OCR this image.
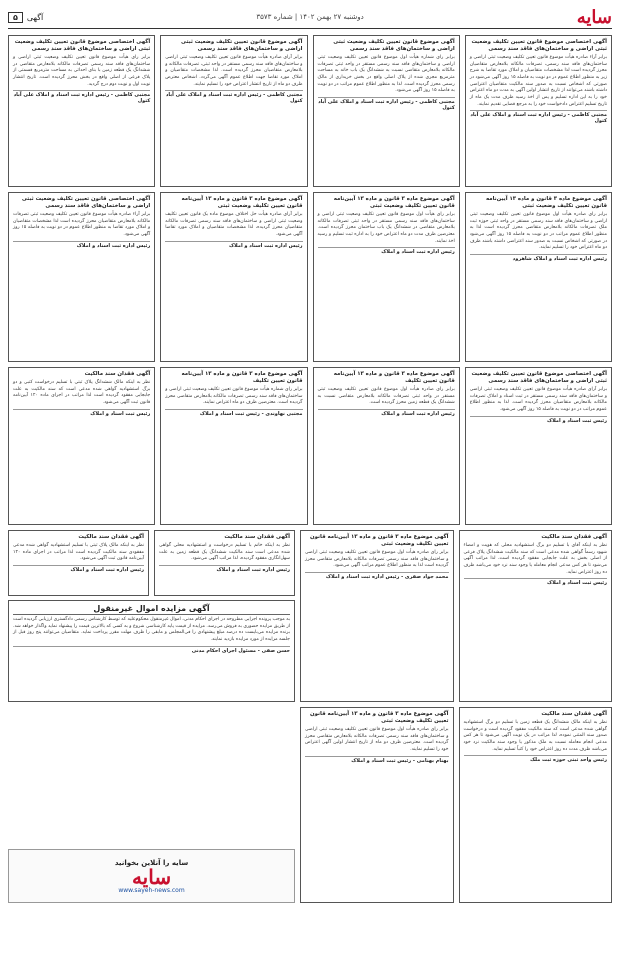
سایه
دوشنبه ۲۷ بهمن ۱۴۰۲ | شماره ۳۵۷۳
آگهی
۵
آگهی اختصاصی موضوع قانون تعیین تکلیف وضعیت ثبتی اراضی و ساختمان‌های فاقد سند رسمی
برابر آراء صادره هیأت موضوع قانون تعیین تکلیف وضعیت ثبتی اراضی و ساختمان‌های فاقد سند رسمی، تصرفات مالکانه بلامعارض متقاضیان محرز گردیده است لذا مشخصات متقاضیان و املاک مورد تقاضا به شرح زیر به منظور اطلاع عموم در دو نوبت به فاصله ۱۵ روز آگهی می‌شود در صورتی که اشخاص نسبت به صدور سند مالکیت متقاضیان اعتراضی داشته باشند می‌توانند از تاریخ انتشار اولین آگهی به مدت دو ماه اعتراض خود را به این اداره تسلیم و پس از اخذ رسید ظرف مدت یک ماه از تاریخ تسلیم اعتراض دادخواست خود را به مرجع قضایی تقدیم نمایند.
مجتبی کاظمی - رئیس اداره ثبت اسناد و املاک علی آباد کتول
آگهی موضوع قانون تعیین تکلیف وضعیت ثبتی اراضی و ساختمان‌های فاقد سند رسمی
برابر رای شماره هیأت اول موضوع قانون تعیین تکلیف وضعیت ثبتی اراضی و ساختمان‌های فاقد سند رسمی مستقر در واحد ثبتی تصرفات مالکانه بلامعارض متقاضی نسبت به ششدانگ یک باب خانه به مساحت مترمربع مجزی شده از پلاک اصلی واقع در بخش خریداری از مالک رسمی محرز گردیده است. لذا به منظور اطلاع عموم مراتب در دو نوبت به فاصله ۱۵ روز آگهی می‌شود.
مجتبی کاظمی - رئیس اداره ثبت اسناد و املاک علی آباد کتول
آگهی موضوع قانون تعیین تکلیف وضعیت ثبتی اراضی و ساختمان‌های فاقد سند رسمی
برابر آرای صادره هیأت موضوع قانون تعیین تکلیف وضعیت ثبتی اراضی و ساختمان‌های فاقد سند رسمی مستقر در واحد ثبتی، تصرفات مالکانه و بلامعارض متقاضیان محرز گردیده است. لذا مشخصات متقاضیان و املاک مورد تقاضا جهت اطلاع عموم آگهی می‌گردد. اشخاص معترض ظرف دو ماه از تاریخ انتشار اعتراض خود را تسلیم نمایند.
مجتبی کاظمی - رئیس اداره ثبت اسناد و املاک علی آباد کتول
آگهی اختصاصی موضوع قانون تعیین تکلیف وضعیت ثبتی اراضی و ساختمان‌های فاقد سند رسمی
برابر رای هیأت موضوع قانون تعیین تکلیف وضعیت ثبتی اراضی و ساختمان‌های فاقد سند رسمی تصرفات مالکانه بلامعارض متقاضی در ششدانگ یک قطعه زمین با بنای احداثی به مساحت مترمربع قسمتی از پلاک فرعی از اصلی واقع در بخش محرز گردیده است. تاریخ انتشار نوبت اول و نوبت دوم درج گردید.
مجتبی کاظمی - رئیس اداره ثبت اسناد و املاک علی آباد کتول
آگهی موضوع ماده ۳ قانون و ماده ۱۳ آیین‌نامه قانون تعیین تکلیف وضعیت ثبتی
برابر رای صادره هیأت اول موضوع قانون تعیین تکلیف وضعیت ثبتی اراضی و ساختمان‌های فاقد سند رسمی مستقر در واحد ثبتی حوزه ثبت ملک تصرفات مالکانه بلامعارض متقاضی محرز گردیده است لذا به منظور اطلاع عموم مراتب در دو نوبت به فاصله ۱۵ روز آگهی می‌شود در صورتی که اشخاص نسبت به صدور سند اعتراضی داشته باشند ظرف دو ماه اعتراض خود را تسلیم نمایند.
رئیس اداره ثبت اسناد و املاک شاهرود
آگهی موضوع ماده ۳ قانون و ماده ۱۳ آیین‌نامه قانون تعیین تکلیف وضعیت ثبتی
برابر رای هیأت اول موضوع قانون تعیین تکلیف وضعیت ثبتی اراضی و ساختمان‌های فاقد سند رسمی مستقر در واحد ثبتی تصرفات مالکانه بلامعارض متقاضی در ششدانگ یک باب ساختمان محرز گردیده است. معترضین ظرف مدت دو ماه اعتراض خود را به اداره ثبت تسلیم و رسید اخذ نمایند.
رئیس اداره ثبت اسناد و املاک
آگهی موضوع ماده ۳ قانون و ماده ۱۳ آیین‌نامه قانون تعیین تکلیف وضعیت ثبتی
برابر آرای صادره هیأت حل اختلاف موضوع ماده یک قانون تعیین تکلیف وضعیت ثبتی اراضی و ساختمان‌های فاقد سند رسمی تصرفات مالکانه متقاضیان محرز گردیده، لذا مشخصات متقاضیان و املاک مورد تقاضا آگهی می‌شود.
رئیس اداره ثبت اسناد و املاک
آگهی اختصاصی قانون تعیین تکلیف وضعیت ثبتی اراضی و ساختمان‌های فاقد سند رسمی
برابر آراء صادره هیأت موضوع قانون تعیین تکلیف وضعیت ثبتی تصرفات مالکانه بلامعارض متقاضیان محرز گردیده است لذا مشخصات متقاضیان و املاک مورد تقاضا به منظور اطلاع عموم در دو نوبت به فاصله ۱۵ روز آگهی می‌شود.
رئیس اداره ثبت اسناد و املاک
آگهی اختصاصی موضوع قانون تعیین تکلیف وضعیت ثبتی اراضی و ساختمان‌های فاقد سند رسمی
برابر آرای صادره هیأت موضوع قانون تعیین تکلیف وضعیت ثبتی اراضی و ساختمان‌های فاقد سند رسمی مستقر در ثبت اسناد و املاک تصرفات مالکانه بلامعارض متقاضیان محرز گردیده است. لذا به منظور اطلاع عموم مراتب در دو نوبت به فاصله ۱۵ روز آگهی می‌شود.
رئیس ثبت اسناد و املاک
آگهی موضوع ماده ۳ قانون و ماده ۱۳ آیین‌نامه قانون تعیین تکلیف
برابر رای صادره هیأت اول موضوع قانون تعیین تکلیف وضعیت ثبتی مستقر در واحد ثبتی تصرفات مالکانه بلامعارض متقاضی نسبت به ششدانگ یک قطعه زمین محرز گردیده است.
رئیس اداره ثبت اسناد و املاک
آگهی موضوع ماده ۳ قانون و ماده ۱۳ آیین‌نامه قانون تعیین تکلیف
برابر رای شماره هیأت موضوع قانون تعیین تکلیف وضعیت ثبتی اراضی و ساختمان‌های فاقد سند رسمی تصرفات مالکانه بلامعارض متقاضی محرز گردیده است. معترضین ظرف دو ماه اعتراض نمایند.
مجتبی نهاوندی - رئیس ثبت اسناد و املاک
آگهی فقدان سند مالکیت
نظر به اینکه مالک ششدانگ پلاک ثبتی با تسلیم درخواست کتبی و دو برگ استشهادیه گواهی شده مدعی است که سند مالکیت به علت جابجایی مفقود گردیده است لذا مراتب در اجرای ماده ۱۲۰ آیین‌نامه قانون ثبت آگهی می‌شود.
رئیس ثبت اسناد و املاک
آگهی فقدان سند مالکیت
نظر به اینکه آقای با تسلیم دو برگ استشهادیه محلی که هویت و امضاء شهود رسماً گواهی شده مدعی است که سند مالکیت ششدانگ پلاک فرعی از اصلی بخش به علت جابجایی مفقود گردیده است، لذا مراتب آگهی می‌شود تا هر کس مدعی انجام معامله یا وجود سند نزد خود می‌باشد ظرف ده روز اعتراض نماید.
رئیس ثبت اسناد و املاک
آگهی موضوع ماده ۳ قانون و ماده ۱۳ آیین‌نامه قانون تعیین تکلیف وضعیت ثبتی
برابر رای صادره هیأت اول موضوع قانون تعیین تکلیف وضعیت ثبتی اراضی و ساختمان‌های فاقد سند رسمی تصرفات مالکانه بلامعارض متقاضی محرز گردیده است لذا به منظور اطلاع عموم مراتب آگهی می‌شود.
محمد جواد صفری - رئیس اداره ثبت اسناد و املاک
آگهی فقدان سند مالکیت
نظر به اینکه خانم با تسلیم درخواست و استشهادیه محلی گواهی شده مدعی است سند مالکیت ششدانگ یک قطعه زمین به علت سهل‌انگاری مفقود گردیده، لذا مراتب آگهی می‌شود.
رئیس اداره ثبت اسناد و املاک
آگهی فقدان سند مالکیت
نظر به اینکه مالک پلاک ثبتی با تسلیم استشهادیه گواهی شده مدعی مفقودی سند مالکیت گردیده است لذا مراتب در اجرای ماده ۱۲۰ آیین‌نامه قانون ثبت آگهی می‌شود.
رئیس اداره ثبت اسناد و املاک
آگهی مزایده اموال غیرمنقول
به موجب پرونده اجرایی مطروحه در اجرای احکام مدنی، اموال غیرمنقول محکوم‌علیه که توسط کارشناس رسمی دادگستری ارزیابی گردیده است از طریق مزایده حضوری به فروش می‌رسد. مزایده از قیمت پایه کارشناسی شروع و به کسی که بالاترین قیمت را پیشنهاد نماید واگذار خواهد شد. برنده مزایده می‌بایست ده درصد مبلغ پیشنهادی را فی‌المجلس و مابقی را ظرف مهلت مقرر پرداخت نماید. متقاضیان می‌توانند پنج روز قبل از جلسه مزایده از مورد مزایده بازدید نمایند.
حسن صفی - مسئول اجرای احکام مدنی
آگهی فقدان سند مالکیت
نظر به اینکه مالک ششدانگ یک قطعه زمین با تسلیم دو برگ استشهادیه گواهی شده مدعی است که سند مالکیت مفقود گردیده است و درخواست صدور سند المثنی نموده، لذا مراتب در یک نوبت آگهی می‌شود تا هر کس مدعی انجام معامله نسبت به ملک مذکور یا وجود سند مالکیت نزد خود می‌باشد ظرف مدت ده روز اعتراض خود را کتباً تسلیم نماید.
رئیس واحد ثبتی حوزه ثبت ملک
آگهی موضوع ماده ۳ قانون و ماده ۱۳ آیین‌نامه قانون تعیین تکلیف وضعیت ثبتی
برابر رای صادره هیأت اول موضوع قانون تعیین تکلیف وضعیت ثبتی اراضی و ساختمان‌های فاقد سند رسمی تصرفات مالکانه بلامعارض متقاضی محرز گردیده است. معترضین ظرف دو ماه از تاریخ انتشار اولین آگهی اعتراض خود را تسلیم نمایند.
بهنام بهنامی - رئیس ثبت اسناد و املاک
سایه را آنلاین بخوانید
سایه
www.sayeh-news.com
